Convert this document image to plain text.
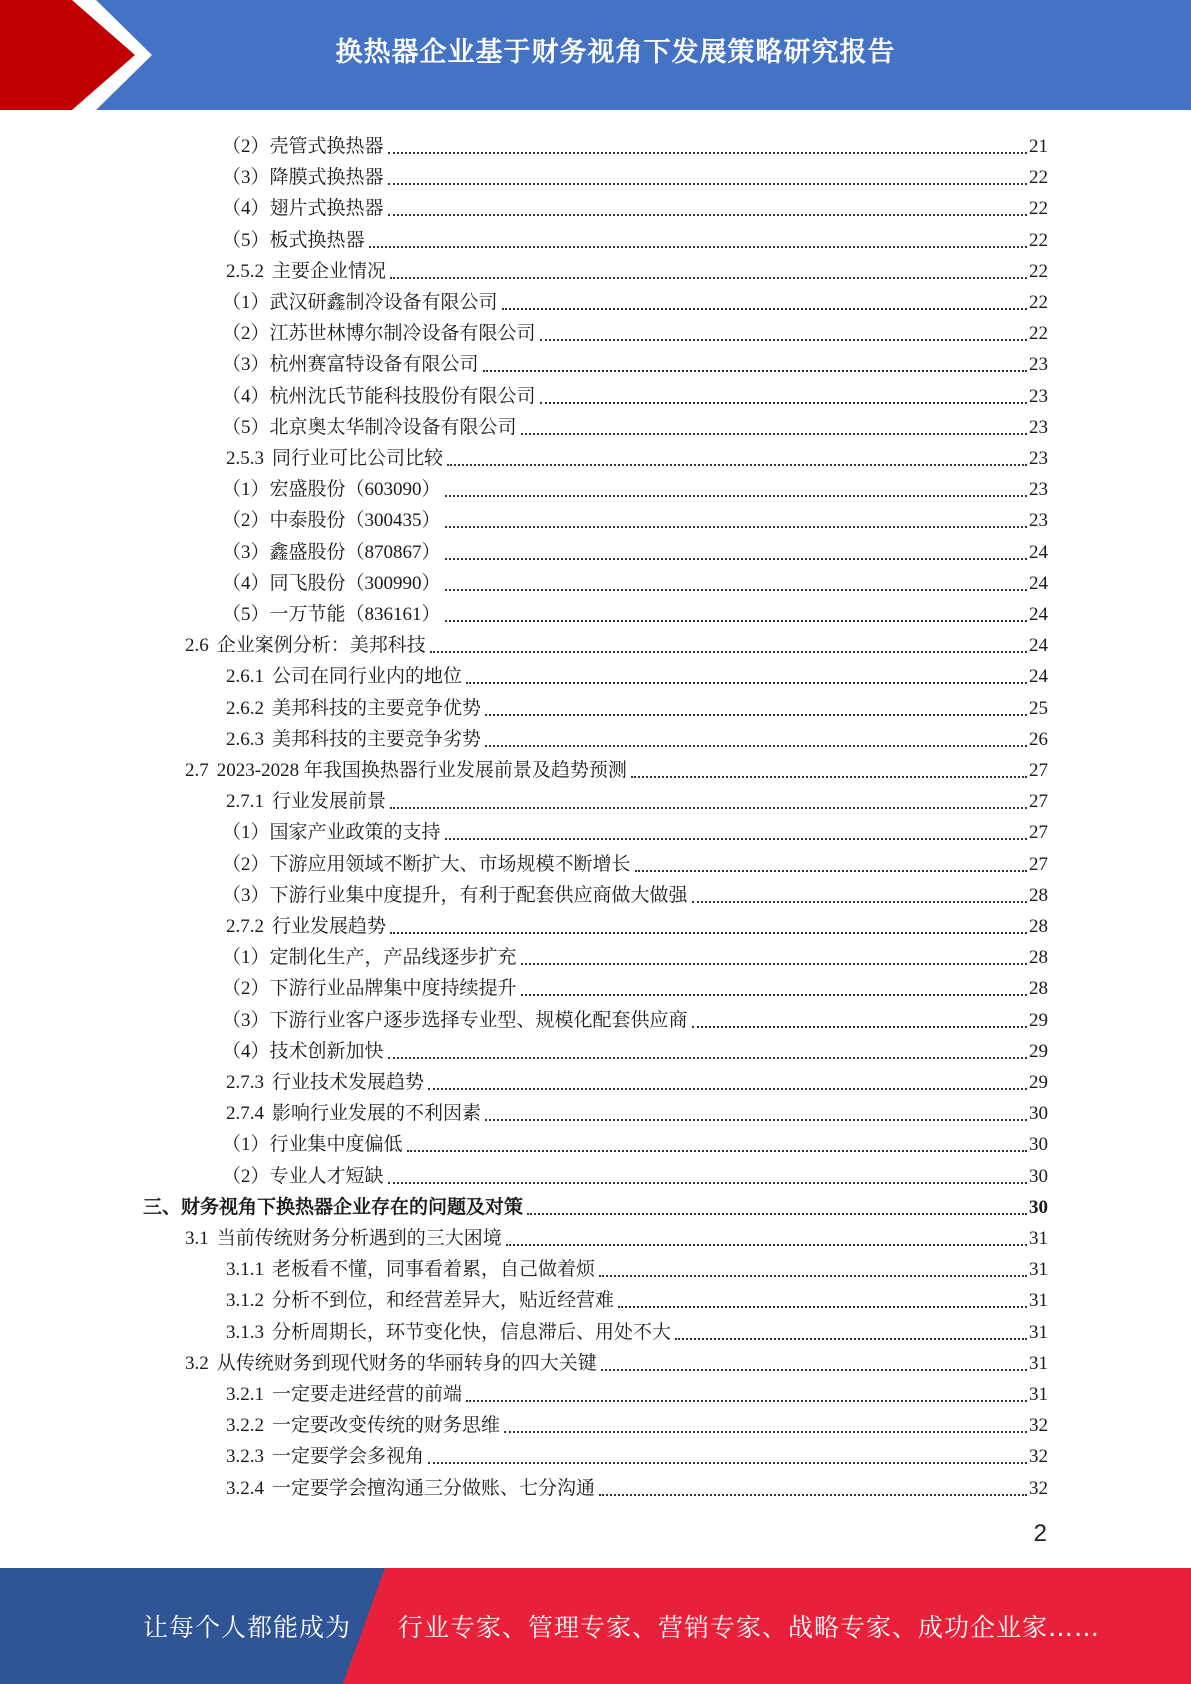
换热器企业基于财务视角下发展策略研究报告
（2） 壳管式换热器	21
（3） 降膜式换热器	22
（4） 翅片式换热器	22
（5） 板式换热器	22
2.5.2 主要企业情况	22
（1） 武汉研鑫制冷设备有限公司	22
（2） 江苏世林博尔制冷设备有限公司	22
（3） 杭州赛富特设备有限公司	23
（4） 杭州沈氏节能科技股份有限公司	23
（5） 北京奥太华制冷设备有限公司	23
2.5.3 同行业可比公司比较	23
（1） 宏盛股份（603090）	23
（2） 中泰股份（300435）	23
（3） 鑫盛股份（870867）	24
（4） 同飞股份（300990）	24
（5） 一万节能（836161）	24
2.6 企业案例分析：美邦科技	24
2.6.1 公司在同行业内的地位	24
2.6.2 美邦科技的主要竞争优势	25
2.6.3 美邦科技的主要竞争劣势	26
2.7 2023-2028 年我国换热器行业发展前景及趋势预测	27
2.7.1 行业发展前景	27
（1） 国家产业政策的支持	27
（2） 下游应用领域不断扩大、市场规模不断增长	27
（3） 下游行业集中度提升，有利于配套供应商做大做强	28
2.7.2 行业发展趋势	28
（1） 定制化生产，产品线逐步扩充	28
（2） 下游行业品牌集中度持续提升	28
（3） 下游行业客户逐步选择专业型、规模化配套供应商	29
（4） 技术创新加快	29
2.7.3 行业技术发展趋势	29
2.7.4 影响行业发展的不利因素	30
（1） 行业集中度偏低	30
（2） 专业人才短缺	30
三、 财务视角下换热器企业存在的问题及对策	30
3.1 当前传统财务分析遇到的三大困境	31
3.1.1 老板看不懂，同事看着累，自己做着烦	31
3.1.2 分析不到位，和经营差异大，贴近经营难	31
3.1.3 分析周期长，环节变化快，信息滞后、用处不大	31
3.2 从传统财务到现代财务的华丽转身的四大关键	31
3.2.1 一定要走进经营的前端	31
3.2.2 一定要改变传统的财务思维	32
3.2.3 一定要学会多视角	32
3.2.4 一定要学会擅沟通三分做账、七分沟通	32
2
让每个人都能成为 行业专家、管理专家、营销专家、战略专家、成功企业家……
